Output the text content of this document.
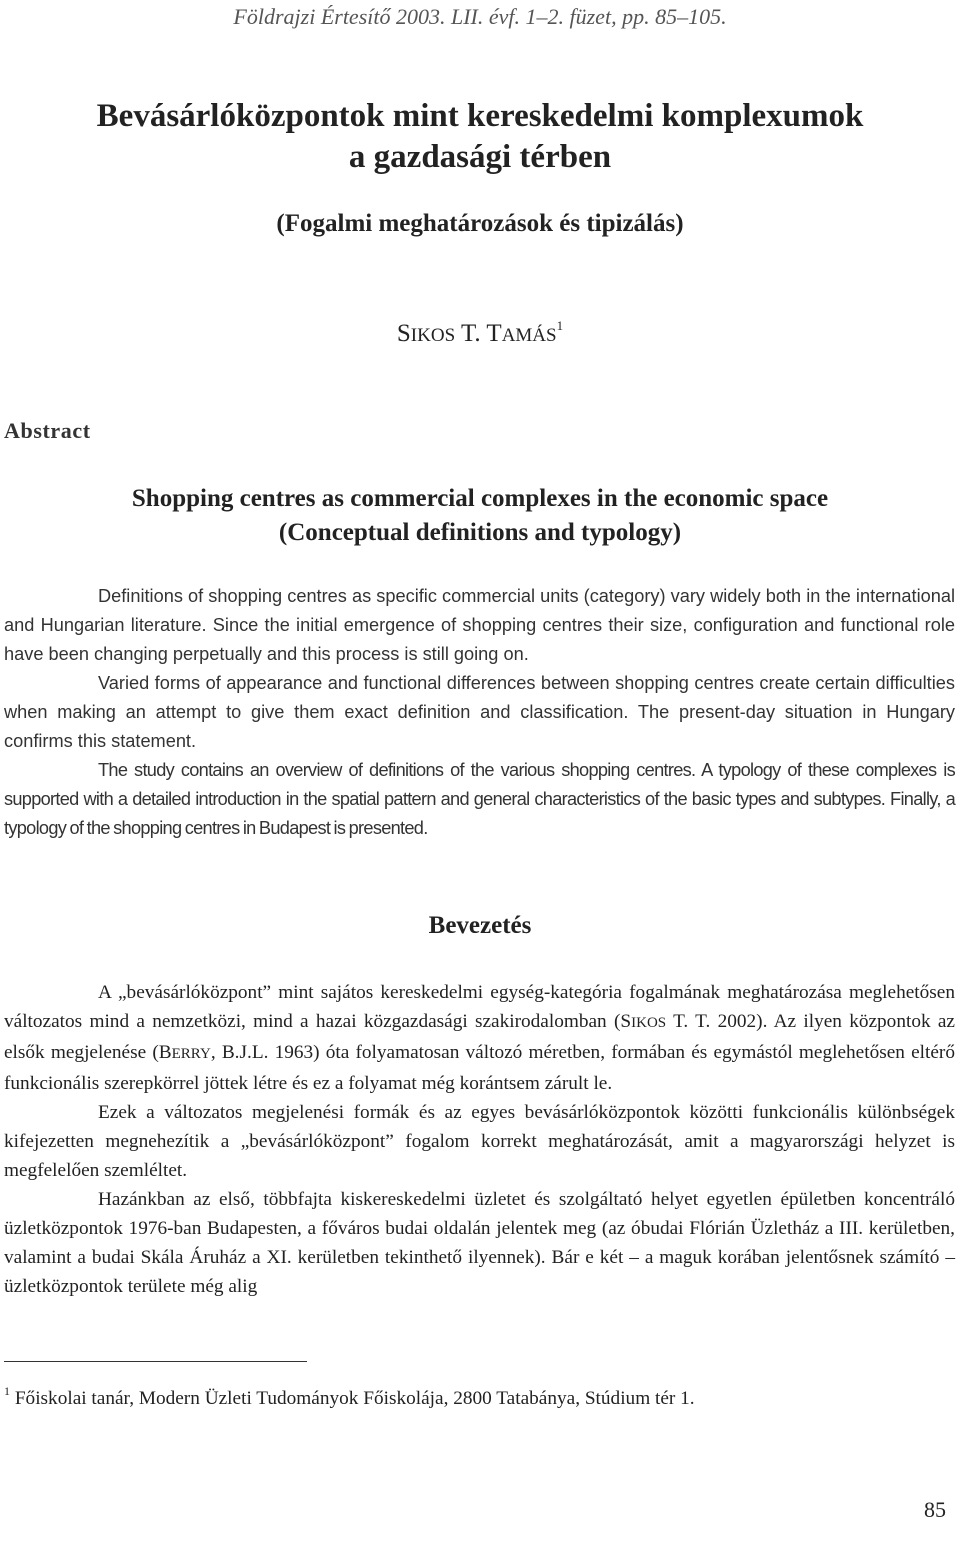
Földrajzi Értesítő 2003. LII. évf. 1–2. füzet, pp. 85–105.
Bevásárlóközpontok mint kereskedelmi komplexumok
a gazdasági térben
(Fogalmi meghatározások és tipizálás)
SIKOS T. TAMÁS$^1$
Abstract
Shopping centres as commercial complexes in the economic space
(Conceptual definitions and typology)

Definitions of shopping centres as specific commercial units (category) vary widely both in the international and Hungarian literature. Since the initial emergence of shopping centres their size, configuration and functional role have been changing perpetually and this process is still going on.

Varied forms of appearance and functional differences between shopping centres create certain difficulties when making an attempt to give them exact definition and classification. The present-day situation in Hungary confirms this statement.

The study contains an overview of definitions of the various shopping centres. A typology of these complexes is supported with a detailed introduction in the spatial pattern and general characteristics of the basic types and subtypes. Finally, a typology of the shopping centres in Budapest is presented.

Bevezetés

A „bevásárlóközpont” mint sajátos kereskedelmi egység-kategória fogalmának meghatározása meglehetősen változatos mind a nemzetközi, mind a hazai közgazdasági szakirodalomban (SIKOS T. T. 2002). Az ilyen központok az elsők megjelenése (BERRY, B.J.L. 1963) óta folyamatosan változó méretben, formában és egymástól meglehetősen eltérő funkcionális szerepkörrel jöttek létre és ez a folyamat még korántsem zárult le.

Ezek a változatos megjelenési formák és az egyes bevásárlóközpontok közötti funkcionális különbségek kifejezetten megnehezítik a „bevásárlóközpont” fogalom korrekt meghatározását, amit a magyarországi helyzet is megfelelően szemléltet.

Hazánkban az első, többfajta kiskereskedelmi üzletet és szolgáltató helyet egyetlen épületben koncentráló üzletközpontok 1976-ban Budapesten, a főváros budai oldalán jelentek meg (az óbudai Flórián Üzletház a III. kerületben, valamint a budai Skála Áruház a XI. kerületben tekinthető ilyennek). Bár e két – a maguk korában jelentősnek számító – üzletközpontok területe még alig

$^1$ Főiskolai tanár, Modern Üzleti Tudományok Főiskolája, 2800 Tatabánya, Stúdium tér 1.
85
